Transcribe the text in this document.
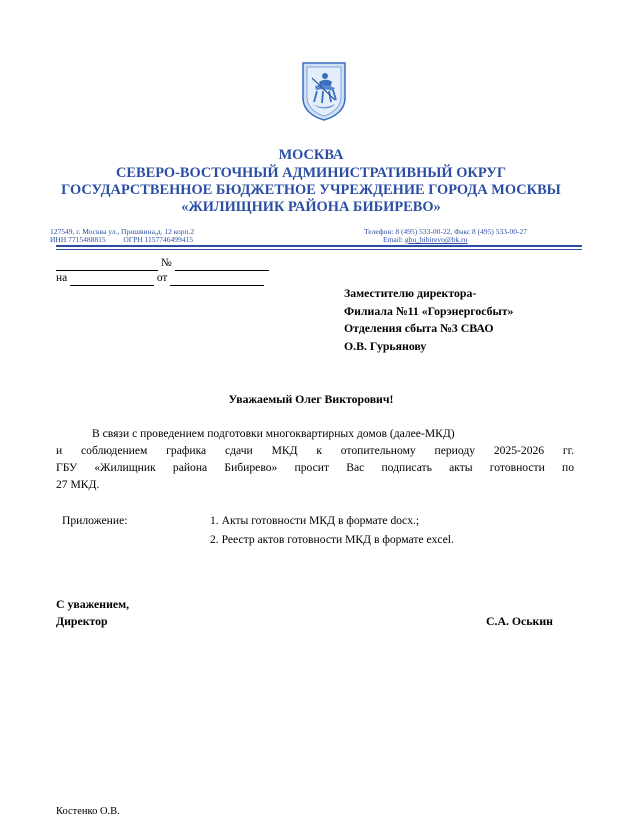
МОСКВА
СЕВЕРО-ВОСТОЧНЫЙ АДМИНИСТРАТИВНЫЙ ОКРУГ
ГОСУДАРСТВЕННОЕ БЮДЖЕТНОЕ УЧРЕЖДЕНИЕ ГОРОДА МОСКВЫ
«ЖИЛИЩНИК РАЙОНА БИБИРЕВО»
127549, г. Москва ул., Пришвина,д. 12 корп.2
ИНН 7715488815 ОГРН 1157746499415
Телефон: 8 (495) 533-00-22, Факс 8 (495) 533-00-27
Email: gbu_bibirevo@bk.ru
№
на	от
Заместителю директора-
Филиала №11 «Горэнергосбыт»
Отделения сбыта №3 СВАО
О.В. Гурьянову
Уважаемый Олег Викторович!
В связи с проведением подготовки многоквартирных домов (далее-МКД)
и соблюдением графика сдачи МКД к отопительному периоду 2025-2026 гг.
ГБУ «Жилищник района Бибирево» просит Вас подписать акты готовности по
27 МКД.
Приложение:	1. Акты готовности МКД в формате docx.;
2. Реестр актов готовности МКД в формате excel.
С уважением,
Директор	С.А. Оськин
Костенко О.В.
